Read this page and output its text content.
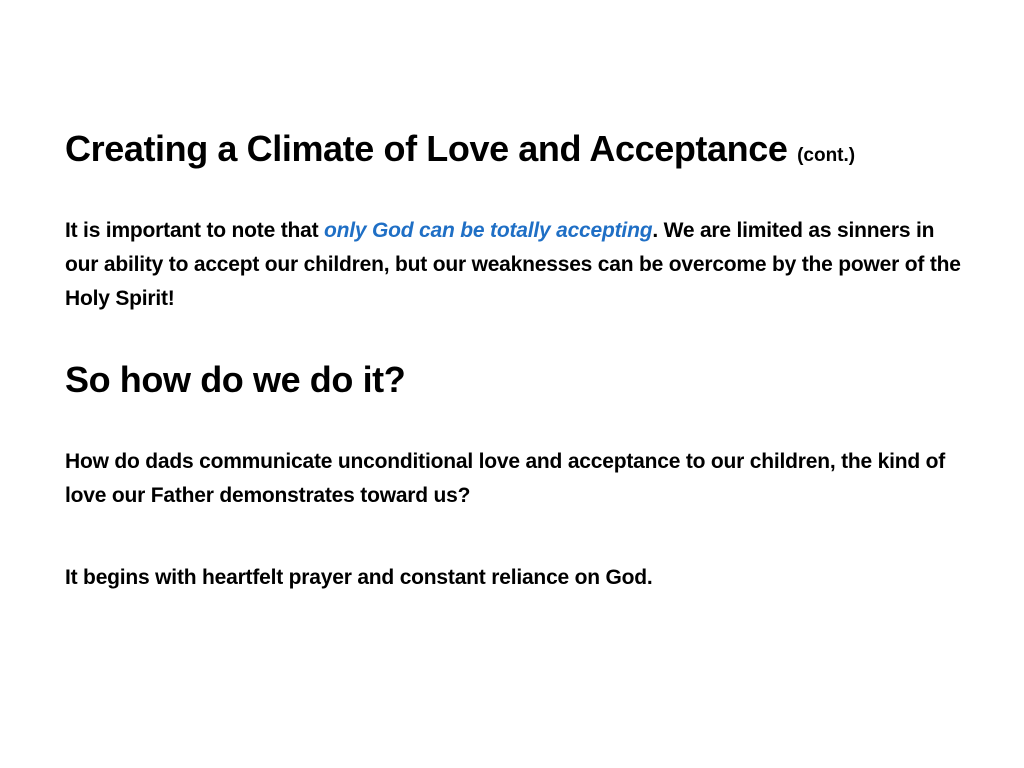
Creating a Climate of Love and Acceptance (cont.)

It is important to note that only God can be totally accepting. We are limited as sinners in our ability to accept our children, but our weaknesses can be overcome by the power of the Holy Spirit!

So how do we do it?

How do dads communicate unconditional love and acceptance to our children, the kind of love our Father demonstrates toward us?

It begins with heartfelt prayer and constant reliance on God.
